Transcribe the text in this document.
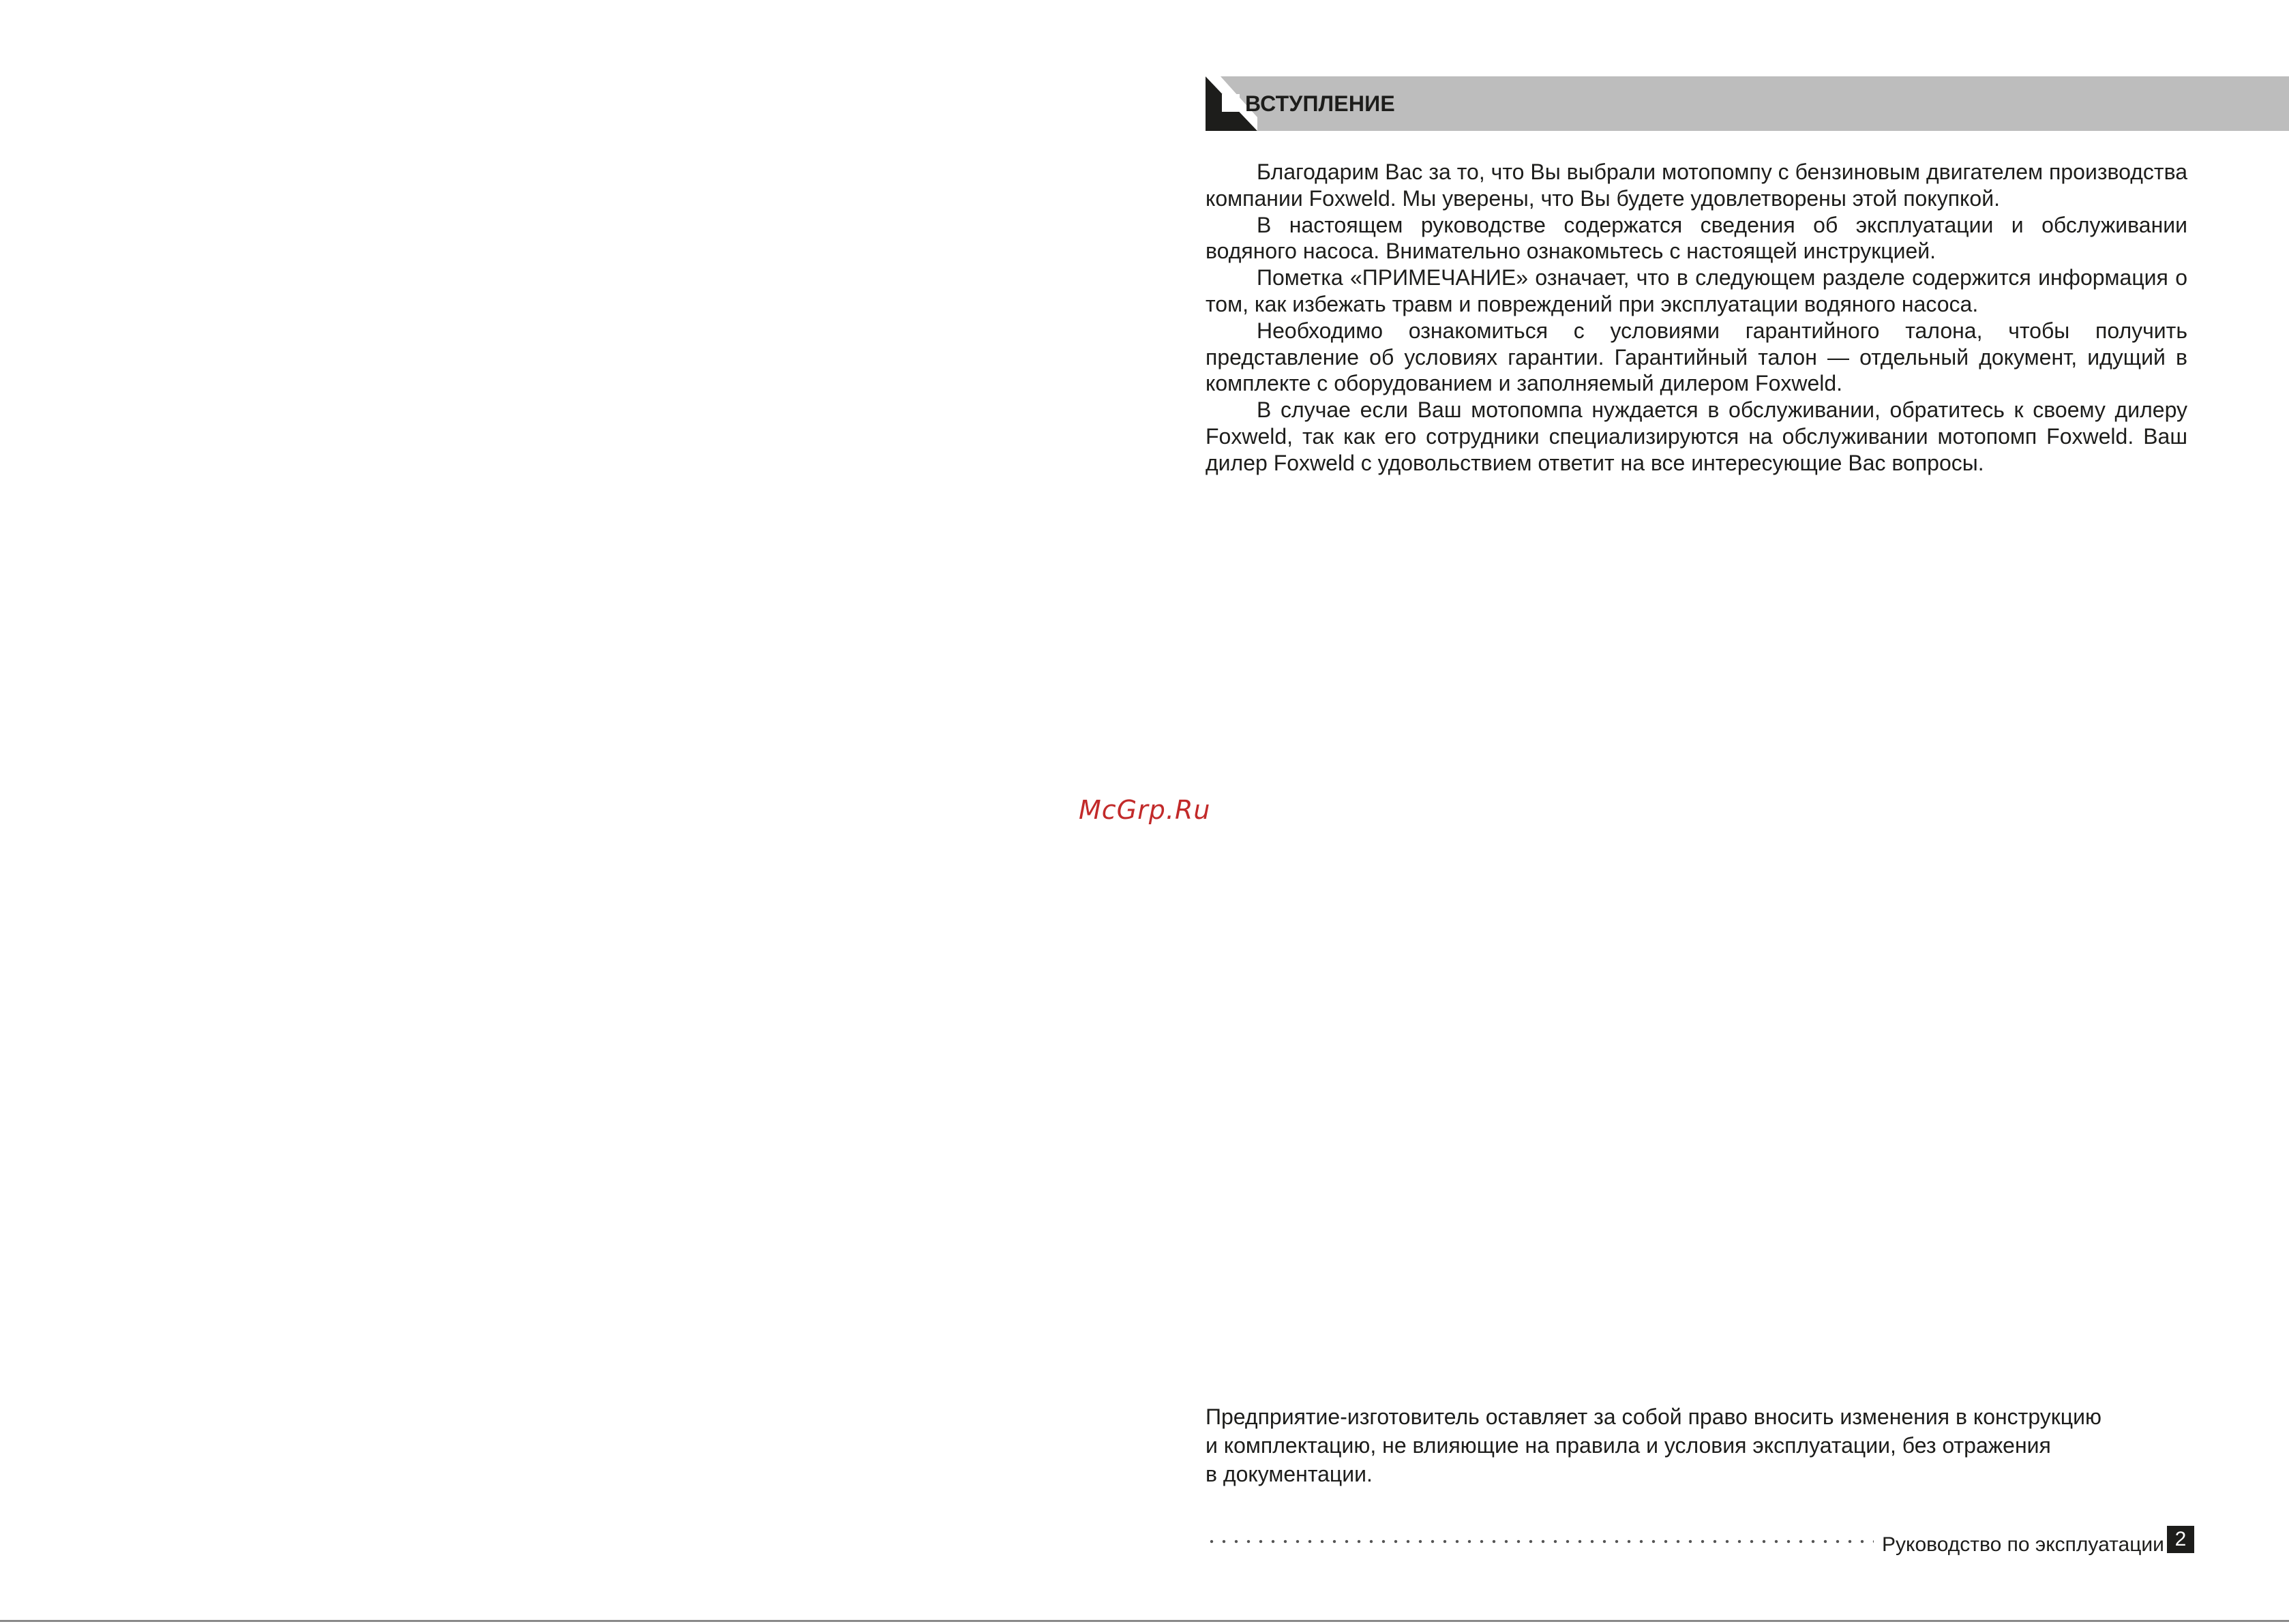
ВСТУПЛЕНИЕ

Благодарим Вас за то, что Вы выбрали мотопомпу с бензиновым двигателем производства компании Foxweld. Мы уверены, что Вы будете удовлетворены этой покупкой.

В настоящем руководстве содержатся сведения об эксплуатации и обслуживании водяного насоса. Внимательно ознакомьтесь с настоящей инструкцией.

Пометка «ПРИМЕЧАНИЕ» означает, что в следующем разделе содержится информация о том, как избежать травм и повреждений при эксплуатации водяного насоса.

Необходимо ознакомиться с условиями гарантийного талона, чтобы получить представление об условиях гарантии. Гарантийный талон — отдельный документ, идущий в комплекте с оборудованием и заполняемый дилером Foxweld.

В случае если Ваш мотопомпа нуждается в обслуживании, обратитесь к своему дилеру Foxweld, так как его сотрудники специализируются на обслуживании мотопомп Foxweld. Ваш дилер Foxweld с удовольствием ответит на все интересующие Вас вопросы.

McGrp.Ru
Предприятие-изготовитель оставляет за собой право вносить изменения в конструкцию
и комплектацию, не влияющие на правила и условия эксплуатации, без отражения
в документации.
Руководство по эксплуатации 2
